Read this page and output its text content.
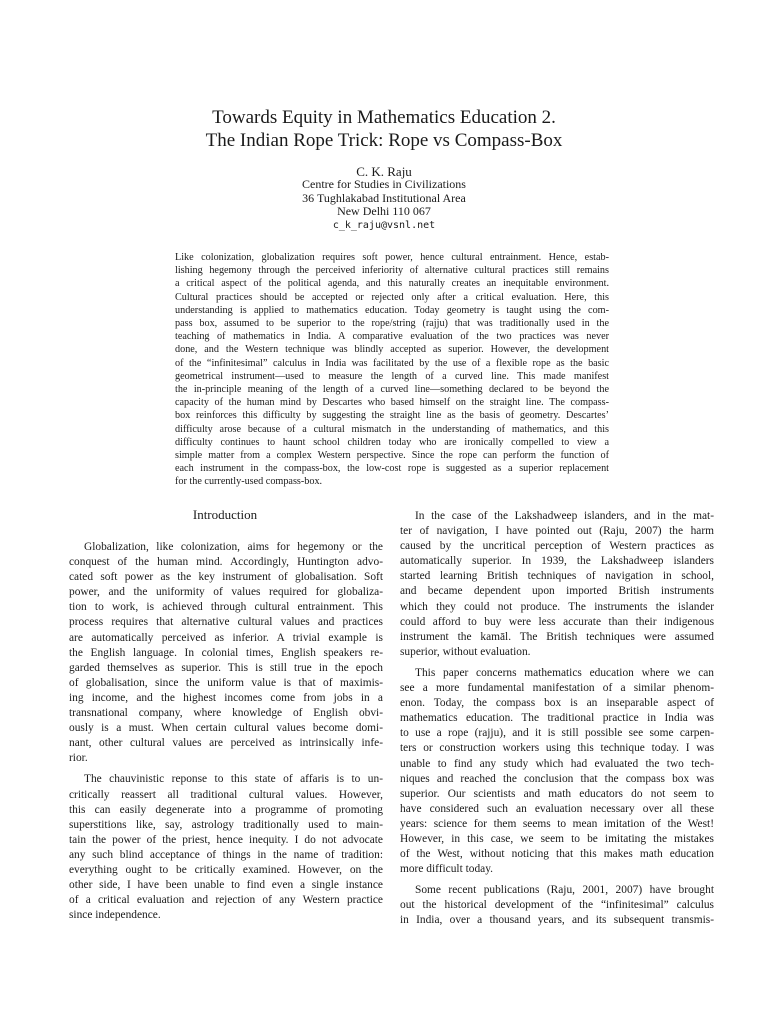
Towards Equity in Mathematics Education 2.
The Indian Rope Trick: Rope vs Compass-Box
C. K. Raju
Centre for Studies in Civilizations
36 Tughlakabad Institutional Area
New Delhi 110 067
c_k_raju@vsnl.net
Like colonization, globalization requires soft power, hence cultural entrainment. Hence, estab-
lishing hegemony through the perceived inferiority of alternative cultural practices still remains
a critical aspect of the political agenda, and this naturally creates an inequitable environment.
Cultural practices should be accepted or rejected only after a critical evaluation. Here, this
understanding is applied to mathematics education. Today geometry is taught using the com-
pass box, assumed to be superior to the rope/string (rajju) that was traditionally used in the
teaching of mathematics in India. A comparative evaluation of the two practices was never
done, and the Western technique was blindly accepted as superior. However, the development
of the “infinitesimal” calculus in India was facilitated by the use of a flexible rope as the basic
geometrical instrument—used to measure the length of a curved line. This made manifest
the in-principle meaning of the length of a curved line—something declared to be beyond the
capacity of the human mind by Descartes who based himself on the straight line. The compass-
box reinforces this difficulty by suggesting the straight line as the basis of geometry. Descartes’
difficulty arose because of a cultural mismatch in the understanding of mathematics, and this
difficulty continues to haunt school children today who are ironically compelled to view a
simple matter from a complex Western perspective. Since the rope can perform the function of
each instrument in the compass-box, the low-cost rope is suggested as a superior replacement
for the currently-used compass-box.
Introduction
Globalization, like colonization, aims for hegemony or the
conquest of the human mind. Accordingly, Huntington advo-
cated soft power as the key instrument of globalisation. Soft
power, and the uniformity of values required for globaliza-
tion to work, is achieved through cultural entrainment. This
process requires that alternative cultural values and practices
are automatically perceived as inferior. A trivial example is
the English language. In colonial times, English speakers re-
garded themselves as superior. This is still true in the epoch
of globalisation, since the uniform value is that of maximis-
ing income, and the highest incomes come from jobs in a
transnational company, where knowledge of English obvi-
ously is a must. When certain cultural values become domi-
nant, other cultural values are perceived as intrinsically infe-
rior.
The chauvinistic reponse to this state of affaris is to un-
critically reassert all traditional cultural values. However,
this can easily degenerate into a programme of promoting
superstitions like, say, astrology traditionally used to main-
tain the power of the priest, hence inequity. I do not advocate
any such blind acceptance of things in the name of tradition:
everything ought to be critically examined. However, on the
other side, I have been unable to find even a single instance
of a critical evaluation and rejection of any Western practice
since independence.
In the case of the Lakshadweep islanders, and in the mat-
ter of navigation, I have pointed out (Raju, 2007) the harm
caused by the uncritical perception of Western practices as
automatically superior. In 1939, the Lakshadweep islanders
started learning British techniques of navigation in school,
and became dependent upon imported British instruments
which they could not produce. The instruments the islander
could afford to buy were less accurate than their indigenous
instrument the kamāl. The British techniques were assumed
superior, without evaluation.
This paper concerns mathematics education where we can
see a more fundamental manifestation of a similar phenom-
enon. Today, the compass box is an inseparable aspect of
mathematics education. The traditional practice in India was
to use a rope (rajju), and it is still possible see some carpen-
ters or construction workers using this technique today. I was
unable to find any study which had evaluated the two tech-
niques and reached the conclusion that the compass box was
superior. Our scientists and math educators do not seem to
have considered such an evaluation necessary over all these
years: science for them seems to mean imitation of the West!
However, in this case, we seem to be imitating the mistakes
of the West, without noticing that this makes math education
more difficult today.
Some recent publications (Raju, 2001, 2007) have brought
out the historical development of the “infinitesimal” calculus
in India, over a thousand years, and its subsequent transmis-
